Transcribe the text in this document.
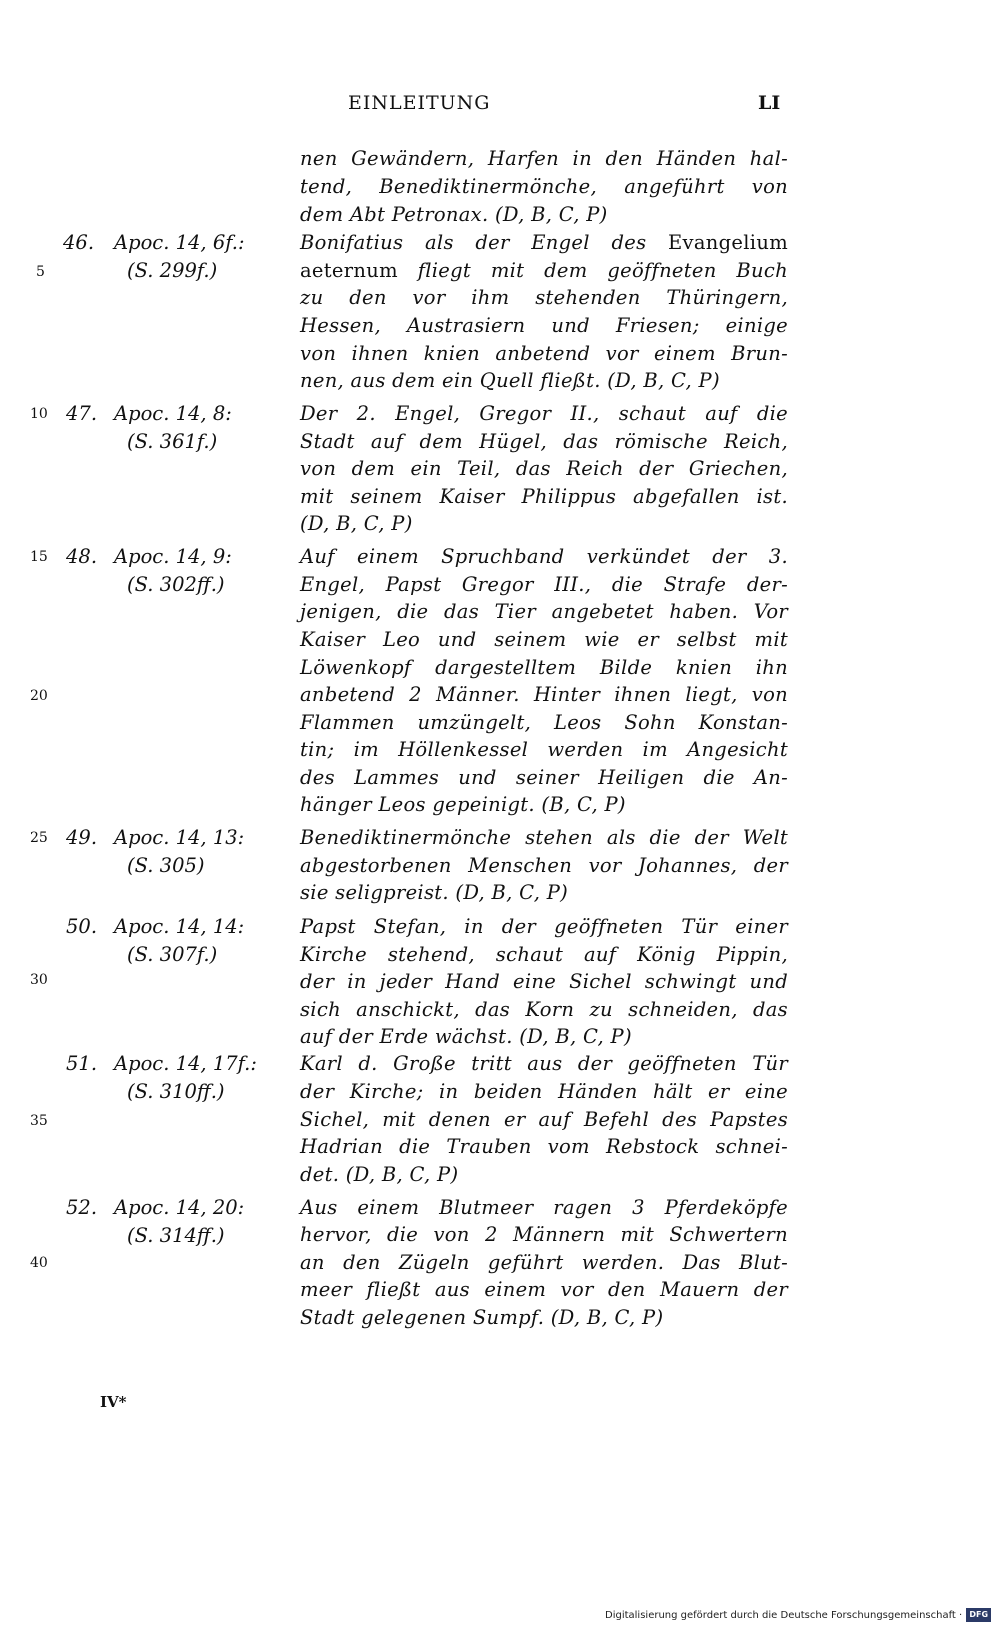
EINLEITUNG	LI
nen Gewändern, Harfen in den Händen hal-
tend, Benediktinermönche, angeführt von
dem Abt Petronax. (D, B, C, P)
Bonifatius als der Engel des Evangelium
aeternum fliegt mit dem geöffneten Buch
zu den vor ihm stehenden Thüringern,
Hessen, Austrasiern und Friesen; einige
von ihnen knien anbetend vor einem Brun-
nen, aus dem ein Quell fließt. (D, B, C, P)
Der 2. Engel, Gregor II., schaut auf die
Stadt auf dem Hügel, das römische Reich,
von dem ein Teil, das Reich der Griechen,
mit seinem Kaiser Philippus abgefallen ist.
(D, B, C, P)
Auf einem Spruchband verkündet der 3.
Engel, Papst Gregor III., die Strafe der-
jenigen, die das Tier angebetet haben. Vor
Kaiser Leo und seinem wie er selbst mit
Löwenkopf dargestelltem Bilde knien ihn
anbetend 2 Männer. Hinter ihnen liegt, von
Flammen umzüngelt, Leos Sohn Konstan-
tin; im Höllenkessel werden im Angesicht
des Lammes und seiner Heiligen die An-
hänger Leos gepeinigt. (B, C, P)
Benediktinermönche stehen als die der Welt
abgestorbenen Menschen vor Johannes, der
sie seligpreist. (D, B, C, P)
Papst Stefan, in der geöffneten Tür einer
Kirche stehend, schaut auf König Pippin,
der in jeder Hand eine Sichel schwingt und
sich anschickt, das Korn zu schneiden, das
auf der Erde wächst. (D, B, C, P)
Karl d. Große tritt aus der geöffneten Tür
der Kirche; in beiden Händen hält er eine
Sichel, mit denen er auf Befehl des Papstes
Hadrian die Trauben vom Rebstock schnei-
det. (D, B, C, P)
Aus einem Blutmeer ragen 3 Pferdeköpfe
hervor, die von 2 Männern mit Schwertern
an den Zügeln geführt werden. Das Blut-
meer fließt aus einem vor den Mauern der
Stadt gelegenen Sumpf. (D, B, C, P)
46. Apoc. 14, 6f.:
(S. 299f.)
47. Apoc. 14, 8:
(S. 361f.)
48. Apoc. 14, 9:
(S. 302ff.)
49. Apoc. 14, 13:
(S. 305)
50. Apoc. 14, 14:
(S. 307f.)
51. Apoc. 14, 17f.:
(S. 310ff.)
52. Apoc. 14, 20:
(S. 314ff.)
5
10
15
20
25
30
35
40
IV*
Digitalisierung gefördert durch die Deutsche Forschungsgemeinschaft · DFG
